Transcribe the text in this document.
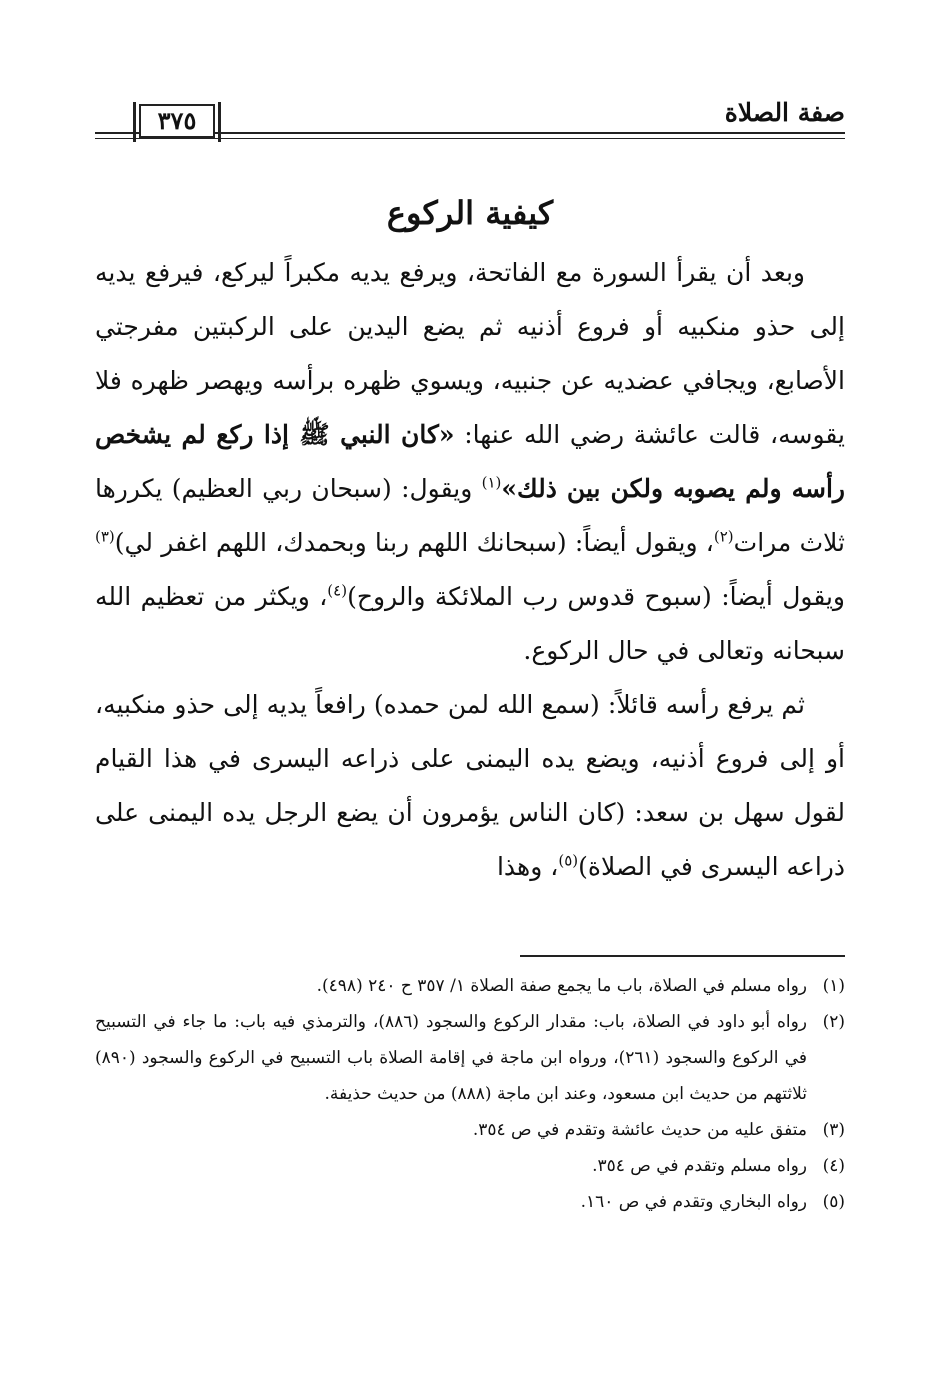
صفة الصلاة
٣٧٥
كيفية الركوع

وبعد أن يقرأ السورة مع الفاتحة، ويرفع يديه مكبراً ليركع، فيرفع يديه إلى حذو منكبيه أو فروع أذنيه ثم يضع اليدين على الركبتين مفرجتي الأصابع، ويجافي عضديه عن جنبيه، ويسوي ظهره برأسه ويهصر ظهره فلا يقوسه، قالت عائشة رضي الله عنها: «كان النبي ﷺ إذا ركع لم يشخص رأسه ولم يصوبه ولكن بين ذلك»$^{(١)}$ ويقول: (سبحان ربي العظيم) يكررها ثلاث مرات$^{(٢)}$، ويقول أيضاً: (سبحانك اللهم ربنا وبحمدك، اللهم اغفر لي)$^{(٣)}$ ويقول أيضاً: (سبوح قدوس رب الملائكة والروح)$^{(٤)}$، ويكثر من تعظيم الله سبحانه وتعالى في حال الركوع.

ثم يرفع رأسه قائلاً: (سمع الله لمن حمده) رافعاً يديه إلى حذو منكبيه، أو إلى فروع أذنيه، ويضع يده اليمنى على ذراعه اليسرى في هذا القيام لقول سهل بن سعد: (كان الناس يؤمرون أن يضع الرجل يده اليمنى على ذراعه اليسرى في الصلاة)$^{(٥)}$، وهذا

(١)
رواه مسلم في الصلاة، باب ما يجمع صفة الصلاة ١/ ٣٥٧ ح ٢٤٠ (٤٩٨).
(٢)
رواه أبو داود في الصلاة، باب: مقدار الركوع والسجود (٨٨٦)، والترمذي فيه باب: ما جاء في التسبيح في الركوع والسجود (٢٦١)، ورواه ابن ماجة في إقامة الصلاة باب التسبيح في الركوع والسجود (٨٩٠) ثلاثتهم من حديث ابن مسعود، وعند ابن ماجة (٨٨٨) من حديث حذيفة.
(٣)
متفق عليه من حديث عائشة وتقدم في ص ٣٥٤.
(٤)
رواه مسلم وتقدم في ص ٣٥٤.
(٥)
رواه البخاري وتقدم في ص ١٦٠.
